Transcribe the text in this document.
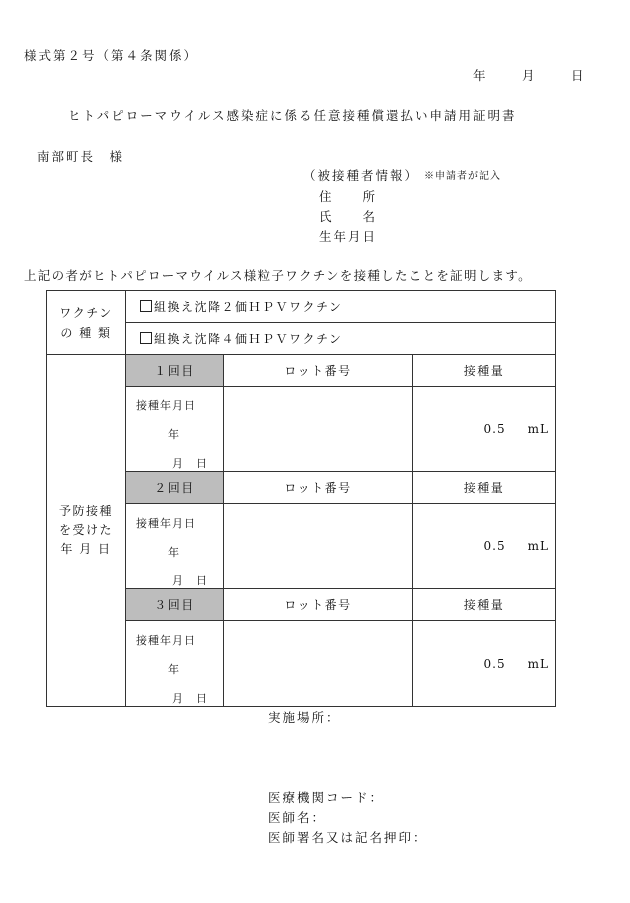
様式第２号（第４条関係）
年	月	日
ヒトパピローマウイルス感染症に係る任意接種償還払い申請用証明書
南部町長　様
（被接種者情報） ※申請者が記入
住　　所
氏　　名
生年月日
上記の者がヒトパピローマウイルス様粒子ワクチンを接種したことを証明します。
ワクチン
の 種 類	組換え沈降２価ＨＰＶワクチン		
	組換え沈降４価ＨＰＶワクチン		

予防接種
を受けた
年 月 日	１回目	ロット番号	接種量

	接種年月日
年
月　日		0.5 mL
	２回目	ロット番号	接種量

	接種年月日
年
月　日		0.5 mL
	３回目	ロット番号	接種量

	接種年月日
年
月　日		0.5 mL
実施場所：
医療機関コード：
医師名：
医師署名又は記名押印：
